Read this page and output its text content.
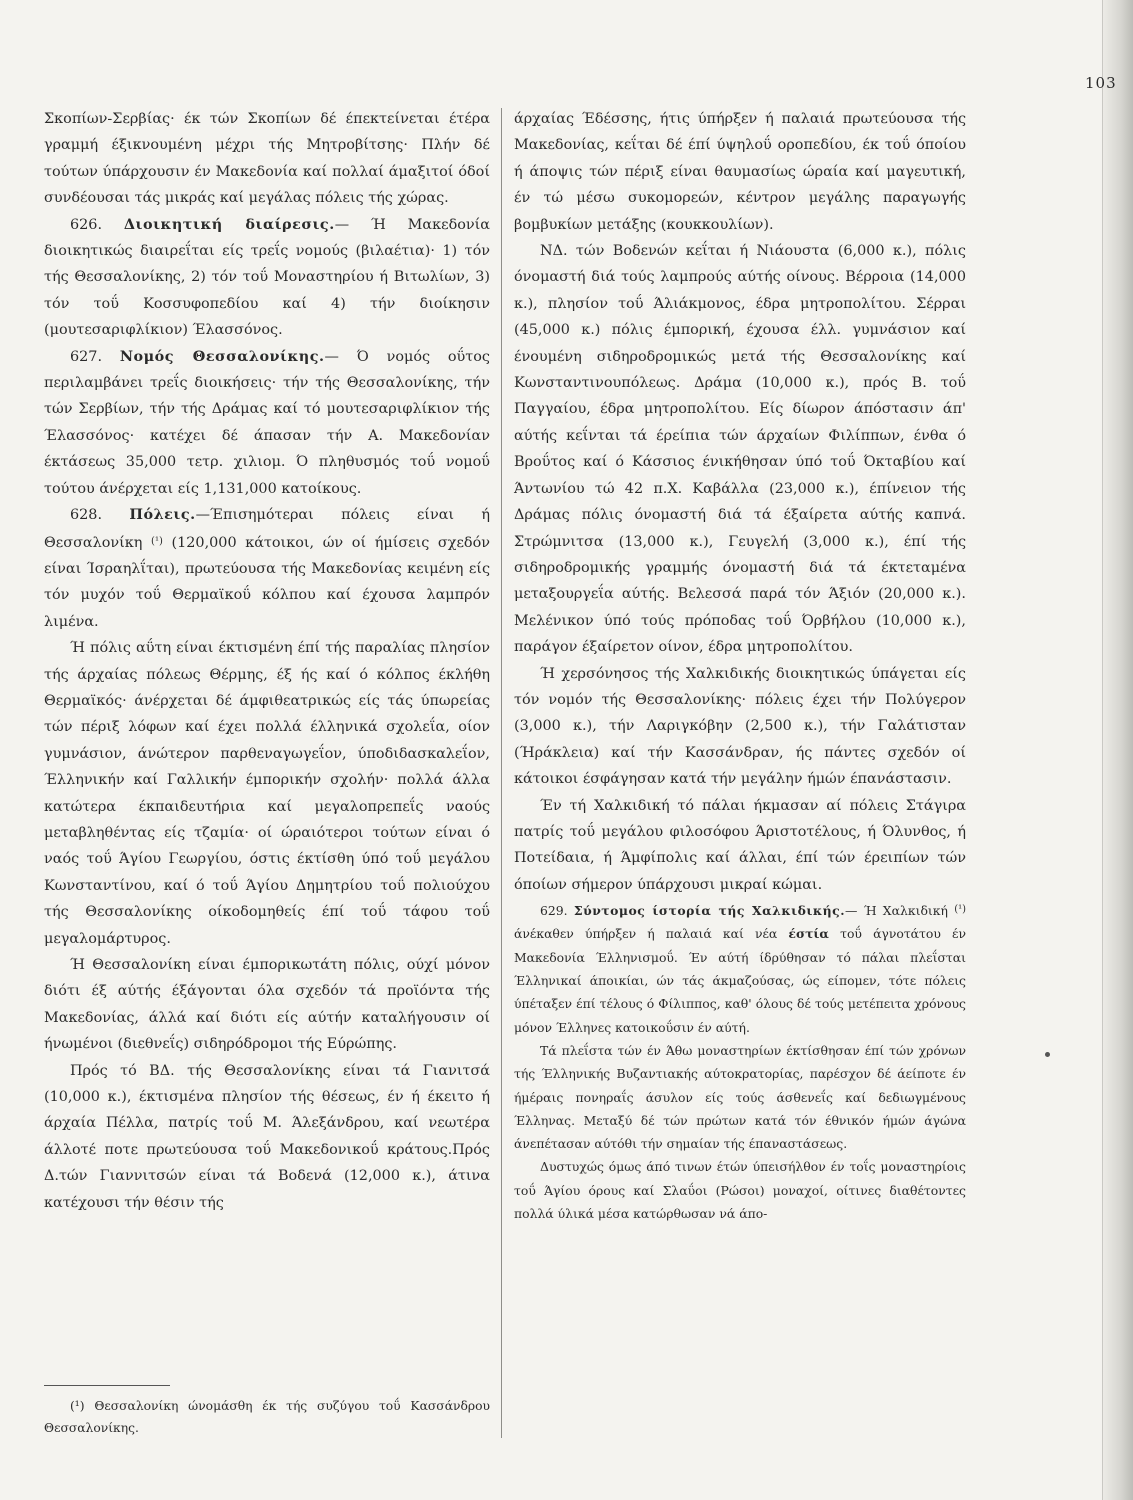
103

Σκοπίων-Σερβίας· έκ τών Σκοπίων δέ έπεκτείνεται έτέρα γραμμή έξικνουμένη μέχρι τής Μητροβίτσης· Πλήν δέ τούτων ύπάρχουσιν έν Μακεδονία καί πολλαί άμαξιτοί όδοί συνδέουσαι τάς μικράς καί μεγάλας πόλεις τής χώρας.

626. Διοικητική διαίρεσις.— Ή Μακεδονία διοικητικώς διαιρεΐται είς τρεΐς νομούς (βιλαέτια)· 1) τόν τής Θεσσαλονίκης, 2) τόν τοΰ Μοναστηρίου ή Βιτωλίων, 3) τόν τοΰ Κοσσυφοπεδίου καί 4) τήν διοίκησιν (μουτεσαριφλίκιον) Έλασσόνος.

627. Νομός Θεσσαλονίκης.— Ό νομός οΰτος περιλαμβάνει τρεΐς διοικήσεις· τήν τής Θεσσαλονίκης, τήν τών Σερβίων, τήν τής Δράμας καί τό μουτεσαριφλίκιον τής Έλασσόνος· κατέχει δέ άπασαν τήν Α. Μακεδονίαν έκτάσεως 35,000 τετρ. χιλιομ. Ό πληθυσμός τοΰ νομοΰ τούτου άνέρχεται είς 1,131,000 κατοίκους.

628. Πόλεις.—Έπισημότεραι πόλεις είναι ή Θεσσαλονίκη $^{(^1)}$ (120,000 κάτοικοι, ών οί ήμίσεις σχεδόν είναι Ίσραηλΐται), πρωτεύουσα τής Μακεδονίας κειμένη είς τόν μυχόν τοΰ Θερμαϊκοΰ κόλπου καί έχουσα λαμπρόν λιμένα.

Ή πόλις αΰτη είναι έκτισμένη έπί τής παραλίας πλησίον τής άρχαίας πόλεως Θέρμης, έξ ής καί ό κόλπος έκλήθη Θερμαϊκός· άνέρχεται δέ άμφιθεατρικώς είς τάς ύπωρείας τών πέριξ λόφων καί έχει πολλά έλληνικά σχολεΐα, οίον γυμνάσιον, άνώτερον παρθεναγωγεΐον, ύποδιδασκαλεΐον, Έλληνικήν καί Γαλλικήν έμπορικήν σχολήν· πολλά άλλα κατώτερα έκπαιδευτήρια καί μεγαλοπρεπεΐς ναούς μεταβληθέντας είς τζαμία· οί ώραιότεροι τούτων είναι ό ναός τοΰ Άγίου Γεωργίου, όστις έκτίσθη ύπό τοΰ μεγάλου Κωνσταντίνου, καί ό τοΰ Άγίου Δημητρίου τοΰ πολιούχου τής Θεσσαλονίκης οίκοδομηθείς έπί τοΰ τάφου τοΰ μεγαλομάρτυρος.

Ή Θεσσαλονίκη είναι έμπορικωτάτη πόλις, ούχί μόνον διότι έξ αύτής έξάγονται όλα σχεδόν τά προϊόντα τής Μακεδονίας, άλλά καί διότι είς αύτήν καταλήγουσιν οί ήνωμένοι (διεθνεΐς) σιδηρόδρομοι τής Εύρώπης.

Πρός τό ΒΔ. τής Θεσσαλονίκης είναι τά Γιανιτσά (10,000 κ.), έκτισμένα πλησίον τής θέσεως, έν ή έκειτο ή άρχαία Πέλλα, πατρίς τοΰ Μ. Άλεξάνδρου, καί νεωτέρα άλλοτέ ποτε πρωτεύουσα τοΰ Μακεδονικοΰ κράτους.Πρός Δ.τών Γιαννιτσών είναι τά Βοδενά (12,000 κ.), άτινα κατέχουσι τήν θέσιν τής

άρχαίας Έδέσσης, ήτις ύπήρξεν ή παλαιά πρωτεύουσα τής Μακεδονίας, κεΐται δέ έπί ύψηλοΰ οροπεδίου, έκ τοΰ όποίου ή άποψις τών πέριξ είναι θαυμασίως ώραία καί μαγευτική, έν τώ μέσω συκομορεών, κέντρον μεγάλης παραγωγής βομβυκίων μετάξης (κουκκουλίων).

ΝΔ. τών Βοδενών κεΐται ή Νιάουστα (6,000 κ.), πόλις όνομαστή διά τούς λαμπρούς αύτής οίνους. Βέρροια (14,000 κ.), πλησίον τοΰ Άλιάκμονος, έδρα μητροπολίτου. Σέρραι (45,000 κ.) πόλις έμπορική, έχουσα έλλ. γυμνάσιον καί ένουμένη σιδηροδρομικώς μετά τής Θεσσαλονίκης καί Κωνσταντινουπόλεως. Δράμα (10,000 κ.), πρός Β. τοΰ Παγγαίου, έδρα μητροπολίτου. Είς δίωρον άπόστασιν άπ' αύτής κεΐνται τά έρείπια τών άρχαίων Φιλίππων, ένθα ό Βροΰτος καί ό Κάσσιος ένικήθησαν ύπό τοΰ Όκταβίου καί Άντωνίου τώ 42 π.Χ. Καβάλλα (23,000 κ.), έπίνειον τής Δράμας πόλις όνομαστή διά τά έξαίρετα αύτής καπνά. Στρώμνιτσα (13,000 κ.), Γευγελή (3,000 κ.), έπί τής σιδηροδρομικής γραμμής όνομαστή διά τά έκτεταμένα μεταξουργεΐα αύτής. Βελεσσά παρά τόν Άξιόν (20,000 κ.). Μελένικον ύπό τούς πρόποδας τοΰ Όρβήλου (10,000 κ.), παράγον έξαίρετον οίνον, έδρα μητροπολίτου.

Ή χερσόνησος τής Χαλκιδικής διοικητικώς ύπάγεται είς τόν νομόν τής Θεσσαλονίκης· πόλεις έχει τήν Πολύγερον (3,000 κ.), τήν Λαριγκόβην (2,500 κ.), τήν Γαλάτισταν (Ήράκλεια) καί τήν Κασσάνδραν, ής πάντες σχεδόν οί κάτοικοι έσφάγησαν κατά τήν μεγάλην ήμών έπανάστασιν.

Έν τή Χαλκιδική τό πάλαι ήκμασαν αί πόλεις Στάγιρα πατρίς τοΰ μεγάλου φιλοσόφου Άριστοτέλους, ή Όλυνθος, ή Ποτείδαια, ή Άμφίπολις καί άλλαι, έπί τών έρειπίων τών όποίων σήμερον ύπάρχουσι μικραί κώμαι.

629. Σύντομος ίστορία τής Χαλκιδικής.— Ή Χαλκιδική $^{(^1)}$ άνέκαθεν ύπήρξεν ή παλαιά καί νέα έστία τοΰ άγνοτάτου έν Μακεδονία Έλληνισμοΰ. Έν αύτή ίδρύθησαν τό πάλαι πλεΐσται Έλληνικαί άποικίαι, ών τάς άκμαζούσας, ώς είπομεν, τότε πόλεις ύπέταξεν έπί τέλους ό Φίλιππος, καθ' όλους δέ τούς μετέπειτα χρόνους μόνον Έλληνες κατοικοΰσιν έν αύτή.

Τά πλεΐστα τών έν Άθω μοναστηρίων έκτίσθησαν έπί τών χρόνων τής Έλληνικής Βυζαντιακής αύτοκρατορίας, παρέσχον δέ άείποτε έν ήμέραις πονηραΐς άσυλον είς τούς άσθενεΐς καί δεδιωγμένους Έλληνας. Μεταξύ δέ τών πρώτων κατά τόν έθνικόν ήμών άγώνα άνεπέτασαν αύτόθι τήν σημαίαν τής έπαναστάσεως.

Δυστυχώς όμως άπό τινων έτών ύπεισήλθον έν τοΐς μοναστηρίοις τοΰ Άγίου όρους καί Σλαΰοι (Ρώσοι) μοναχοί, οίτινες διαθέτοντες πολλά ύλικά μέσα κατώρθωσαν νά άπο-

(¹) Θεσσαλονίκη ώνομάσθη έκ τής συζύγου τοΰ Κασσάνδρου Θεσσαλονίκης.
